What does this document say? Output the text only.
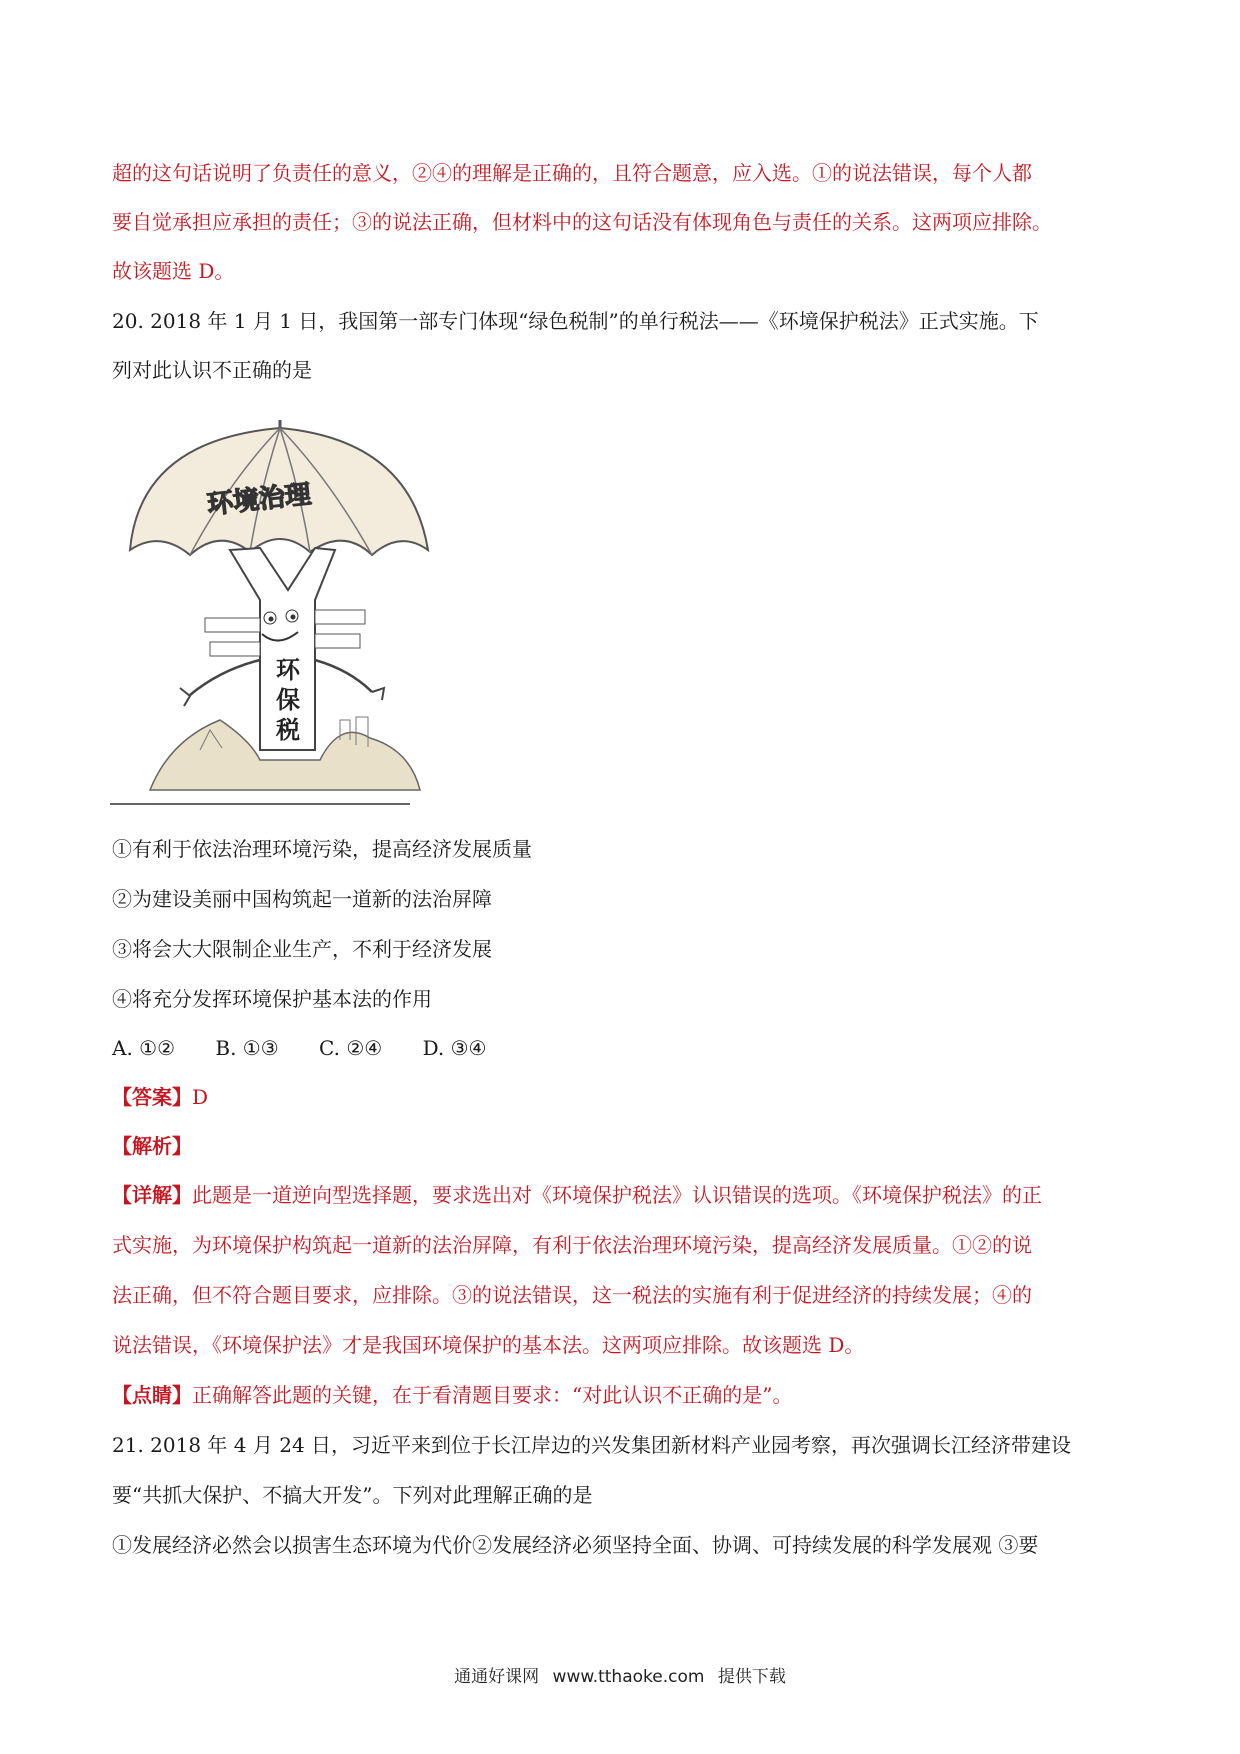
超的这句话说明了负责任的意义，②④的理解是正确的，且符合题意，应入选。①的说法错误，每个人都
要自觉承担应承担的责任；③的说法正确，但材料中的这句话没有体现角色与责任的关系。这两项应排除。
故该题选 D。
20. 2018 年 1 月 1 日，我国第一部专门体现“绿色税制”的单行税法——《环境保护税法》正式实施。下
列对此认识不正确的是
环境治理
环
保
税
①有利于依法治理环境污染，提高经济发展质量
②为建设美丽中国构筑起一道新的法治屏障
③将会大大限制企业生产，不利于经济发展
④将充分发挥环境保护基本法的作用
A. ①② B. ①③ C. ②④ D. ③④
【答案】D
【解析】
【详解】此题是一道逆向型选择题，要求选出对《环境保护税法》认识错误的选项。《环境保护税法》的正
式实施，为环境保护构筑起一道新的法治屏障，有利于依法治理环境污染，提高经济发展质量。①②的说
法正确，但不符合题目要求，应排除。③的说法错误，这一税法的实施有利于促进经济的持续发展；④的
说法错误，《环境保护法》才是我国环境保护的基本法。这两项应排除。故该题选 D。
【点睛】正确解答此题的关键，在于看清题目要求：“对此认识不正确的是”。
21. 2018 年 4 月 24 日，习近平来到位于长江岸边的兴发集团新材料产业园考察，再次强调长江经济带建设
要“共抓大保护、不搞大开发”。下列对此理解正确的是
①发展经济必然会以损害生态环境为代价②发展经济必须坚持全面、协调、可持续发展的科学发展观 ③要
通通好课网 www.tthaoke.com 提供下载
